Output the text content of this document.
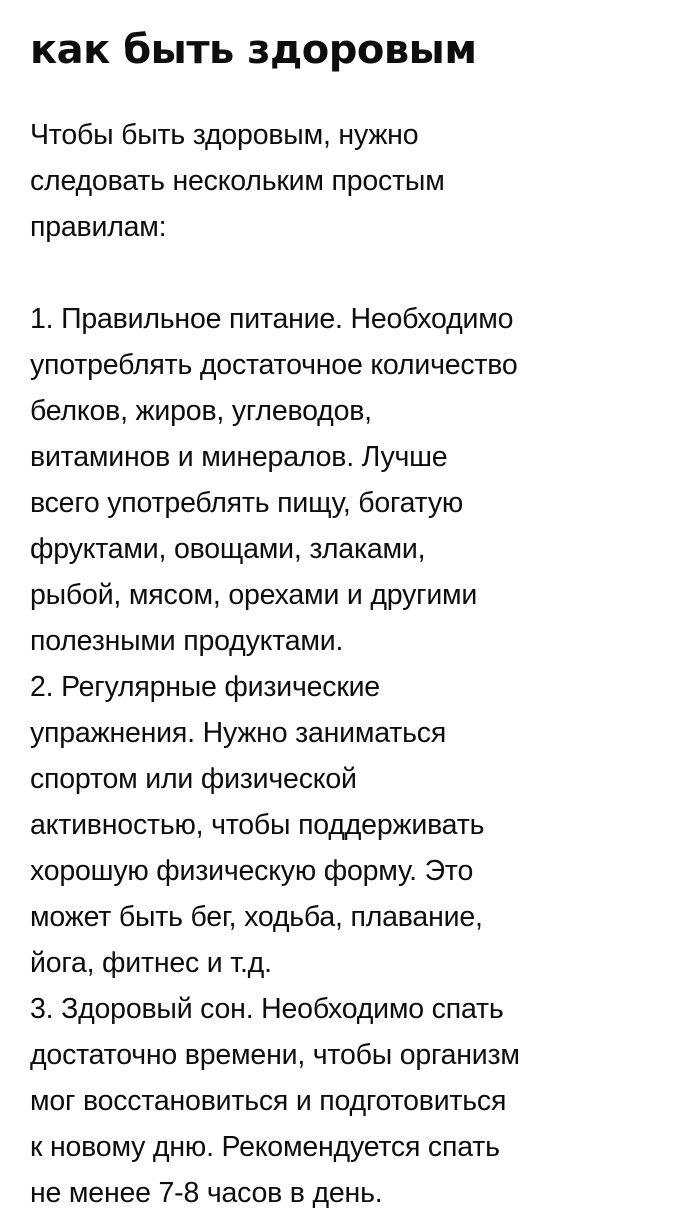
как быть здоровым
Чтобы быть здоровым, нужно
следовать нескольким простым
правилам:
1. Правильное питание. Необходимо
употреблять достаточное количество
белков, жиров, углеводов,
витаминов и минералов. Лучше
всего употреблять пищу, богатую
фруктами, овощами, злаками,
рыбой, мясом, орехами и другими
полезными продуктами.
2. Регулярные физические
упражнения. Нужно заниматься
спортом или физической
активностью, чтобы поддерживать
хорошую физическую форму. Это
может быть бег, ходьба, плавание,
йога, фитнес и т.д.
3. Здоровый сон. Необходимо спать
достаточно времени, чтобы организм
мог восстановиться и подготовиться
к новому дню. Рекомендуется спать
не менее 7-8 часов в день.
